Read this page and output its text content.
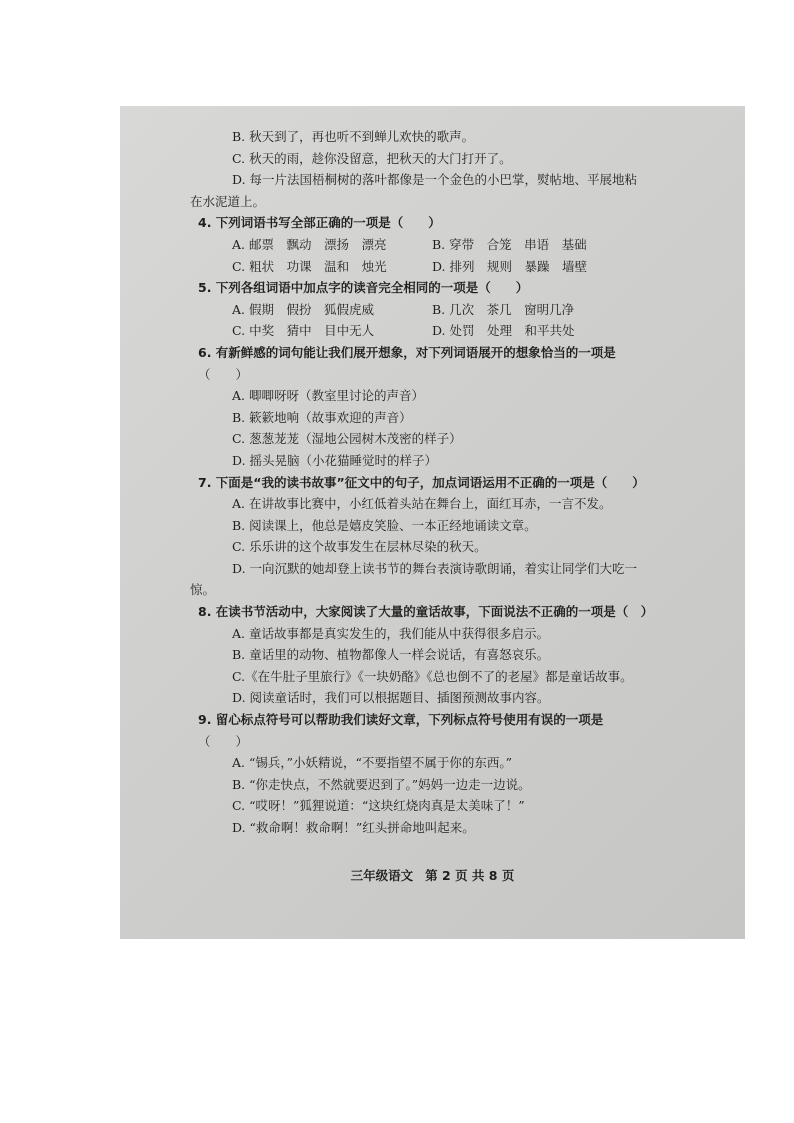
B. 秋天到了，再也听不到蝉儿欢快的歌声。
C. 秋天的雨，趁你没留意，把秋天的大门打开了。
D. 每一片法国梧桐树的落叶都像是一个金色的小巴掌，熨帖地、平展地粘
在水泥道上。
4. 下列词语书写全部正确的一项是（　　）
A. 邮票　飘动　漂扬　漂亮	B. 穿带　合笼　串语　基础
C. 粗状　功课　温和　烛光	D. 排列　规则　暴躁　墙壁
5. 下列各组词语中加点字的读音完全相同的一项是（　　）
A. 假期　假扮　狐假虎威	B. 几次　茶几　窗明几净
C. 中奖　猜中　目中无人	D. 处罚　处理　和平共处
6. 有新鲜感的词句能让我们展开想象，对下列词语展开的想象恰当的一项是
（　　）
A. 唧唧呀呀（教室里讨论的声音）
B. 簌簌地响（故事欢迎的声音）
C. 葱葱茏茏（湿地公园树木茂密的样子）
D. 摇头晃脑（小花猫睡觉时的样子）
7. 下面是“我的读书故事”征文中的句子，加点词语运用不正确的一项是（　　）
A. 在讲故事比赛中，小红低着头站在舞台上，面红耳赤，一言不发。
B. 阅读课上，他总是嬉皮笑脸、一本正经地诵读文章。
C. 乐乐讲的这个故事发生在层林尽染的秋天。
D. 一向沉默的她却登上读书节的舞台表演诗歌朗诵，着实让同学们大吃一
惊。
8. 在读书节活动中，大家阅读了大量的童话故事，下面说法不正确的一项是（　）
A. 童话故事都是真实发生的，我们能从中获得很多启示。
B. 童话里的动物、植物都像人一样会说话，有喜怒哀乐。
C.《在牛肚子里旅行》《一块奶酪》《总也倒不了的老屋》都是童话故事。
D. 阅读童话时，我们可以根据题目、插图预测故事内容。
9. 留心标点符号可以帮助我们读好文章，下列标点符号使用有误的一项是
（　　）
A. “锡兵，”小妖精说，“不要指望不属于你的东西。”
B. “你走快点，不然就要迟到了。”妈妈一边走一边说。
C. “哎呀！”狐狸说道：“这块红烧肉真是太美味了！”
D. “救命啊！救命啊！”红头拼命地叫起来。
三年级语文 第 2 页 共 8 页
